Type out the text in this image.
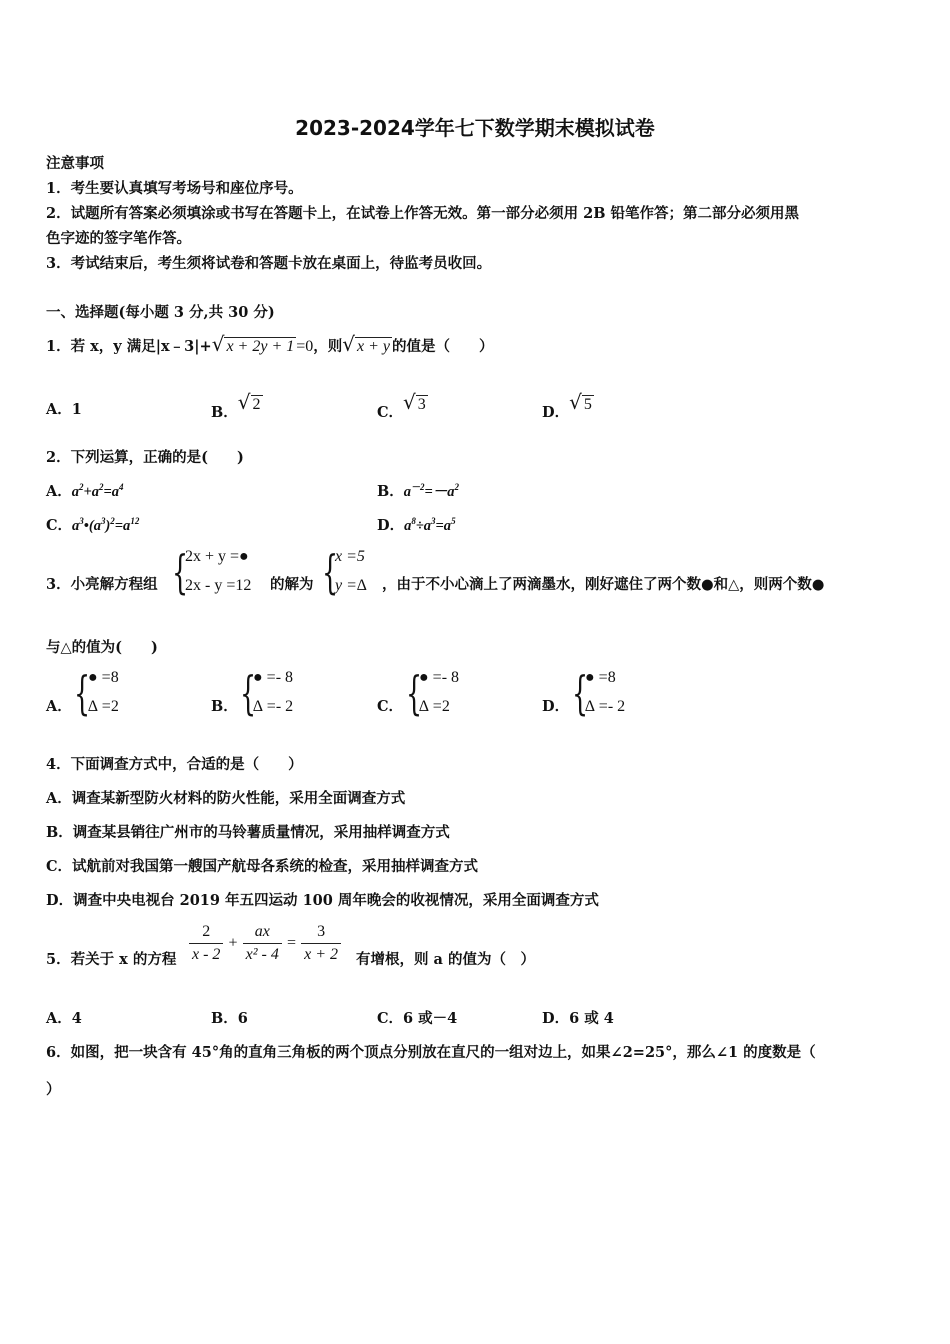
2023-2024学年七下数学期末模拟试卷
注意事项
1．考生要认真填写考场号和座位序号。
2．试题所有答案必须填涂或书写在答题卡上，在试卷上作答无效。第一部分必须用 2B 铅笔作答；第二部分必须用黑
色字迹的签字笔作答。
3．考试结束后，考生须将试卷和答题卡放在桌面上，待监考员收回。
一、选择题(每小题 3 分,共 30 分)
1．若 x，y 满足|x﹣3|+√ x + 2y + 1 =0，则√ x + y 的值是（　　）
A．1	B．√ 2	C．√ 3	D．√ 5
2．下列运算，正确的是(　　)
A．$a^2+a^2=a^4$	B．$a^{-2}=-a^2$
C．$a^3•(a^3)^2=a^{12}$	D．$a^8\div a^3=a^5$
3．小亮解方程组 {
2x + y =●
2x - y =12 的解为 {
x =5
y =∆ ，由于不小心滴上了两滴墨水，刚好遮住了两个数●和△，则两个数●
与△的值为(　　)
A． {
● =8
∆ =2	B． {
● =- 8
∆ =- 2	C． {
● =- 8
∆ =2	D． {
● =8
∆ =- 2
4．下面调查方式中，合适的是（　　）
A．调查某新型防火材料的防火性能，采用全面调查方式
B．调查某县销往广州市的马铃薯质量情况，采用抽样调查方式
C．试航前对我国第一艘国产航母各系统的检查，采用抽样调查方式
D．调查中央电视台 2019 年五四运动 100 周年晚会的收视情况，采用全面调查方式
5．若关于 x 的方程 $\frac{2}{x - 2} + \frac{ax}{\text{x² - 4}} = \frac{3}{x + 2}$ 有增根，则 a 的值为（　）
A．4	B．6	C．6 或－4	D．6 或 4
6．如图，把一块含有 45°角的直角三角板的两个顶点分别放在直尺的一组对边上，如果∠2=25°，那么∠1 的度数是（
）
